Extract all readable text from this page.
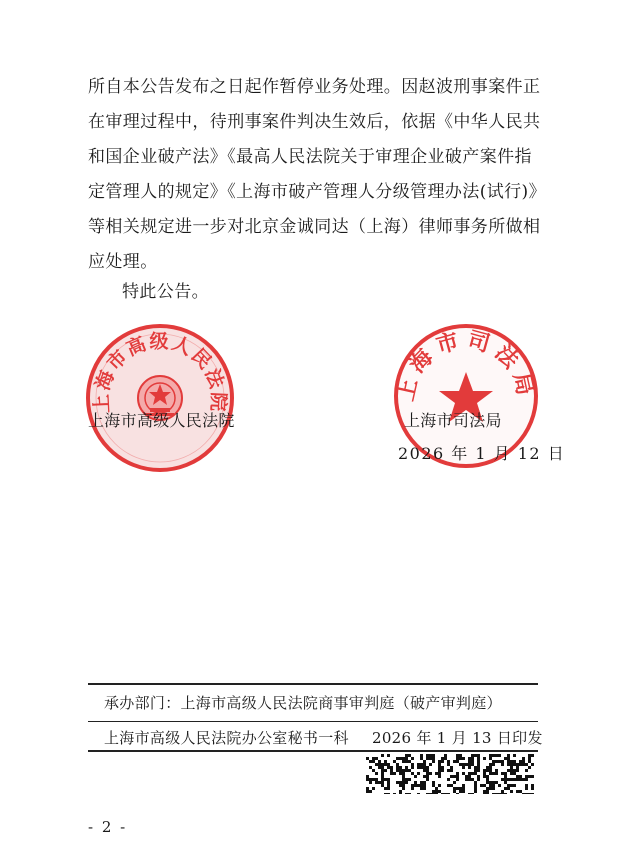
所自本公告发布之日起作暂停业务处理。因赵波刑事案件正
在审理过程中，待刑事案件判决生效后，依据《中华人民共
和国企业破产法》《最高人民法院关于审理企业破产案件指
定管理人的规定》《上海市破产管理人分级管理办法(试行)》
等相关规定进一步对北京金诚同达（上海）律师事务所做相
应处理。
特此公告。
上海市高级人民法院	上海市司法局
上海市高级人民法院	上海市司法局
2026 年 1 月 12 日
承办部门：上海市高级人民法院商事审判庭（破产审判庭）
上海市高级人民法院办公室秘书一科 2026 年 1 月 13 日印发
- 2 -
